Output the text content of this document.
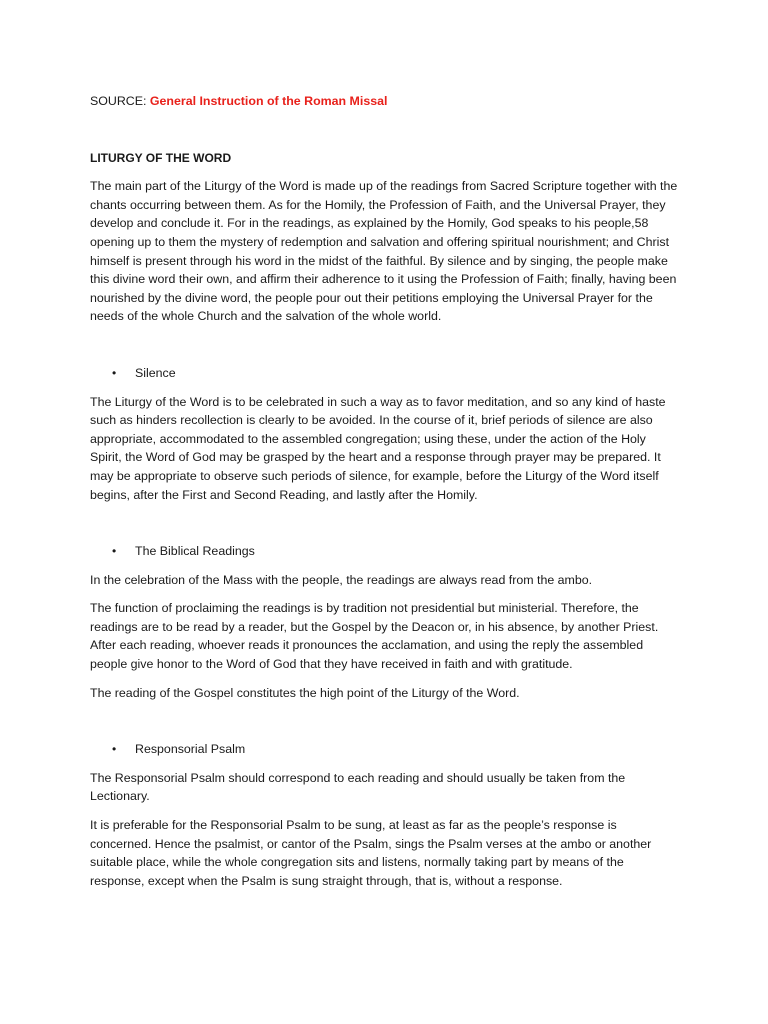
SOURCE: General Instruction of the Roman Missal

LITURGY OF THE WORD

The main part of the Liturgy of the Word is made up of the readings from Sacred Scripture together with the chants occurring between them. As for the Homily, the Profession of Faith, and the Universal Prayer, they develop and conclude it. For in the readings, as explained by the Homily, God speaks to his people,58 opening up to them the mystery of redemption and salvation and offering spiritual nourishment; and Christ himself is present through his word in the midst of the faithful. By silence and by singing, the people make this divine word their own, and affirm their adherence to it using the Profession of Faith; finally, having been nourished by the divine word, the people pour out their petitions employing the Universal Prayer for the needs of the whole Church and the salvation of the whole world.

• Silence

The Liturgy of the Word is to be celebrated in such a way as to favor meditation, and so any kind of haste such as hinders recollection is clearly to be avoided. In the course of it, brief periods of silence are also appropriate, accommodated to the assembled congregation; using these, under the action of the Holy Spirit, the Word of God may be grasped by the heart and a response through prayer may be prepared. It may be appropriate to observe such periods of silence, for example, before the Liturgy of the Word itself begins, after the First and Second Reading, and lastly after the Homily.

• The Biblical Readings

In the celebration of the Mass with the people, the readings are always read from the ambo.

The function of proclaiming the readings is by tradition not presidential but ministerial. Therefore, the readings are to be read by a reader, but the Gospel by the Deacon or, in his absence, by another Priest. After each reading, whoever reads it pronounces the acclamation, and using the reply the assembled people give honor to the Word of God that they have received in faith and with gratitude.

The reading of the Gospel constitutes the high point of the Liturgy of the Word.

• Responsorial Psalm

The Responsorial Psalm should correspond to each reading and should usually be taken from the Lectionary.

It is preferable for the Responsorial Psalm to be sung, at least as far as the people’s response is concerned. Hence the psalmist, or cantor of the Psalm, sings the Psalm verses at the ambo or another suitable place, while the whole congregation sits and listens, normally taking part by means of the response, except when the Psalm is sung straight through, that is, without a response.
